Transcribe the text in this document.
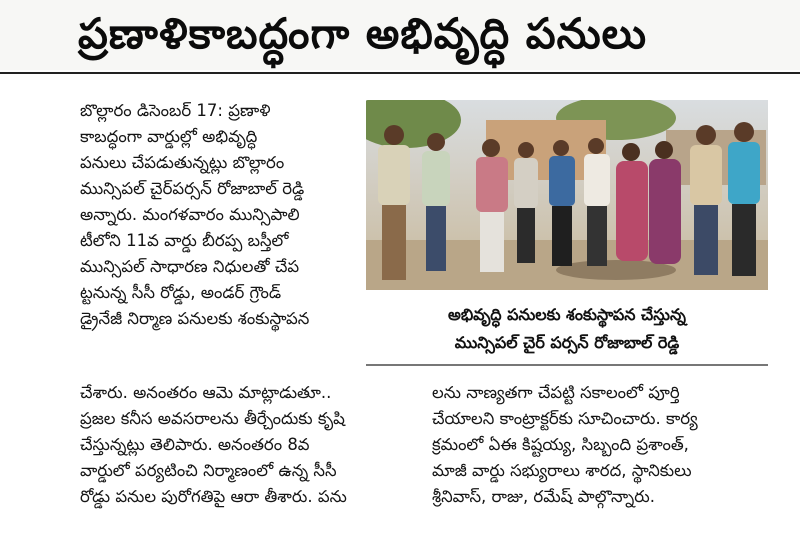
ప్రణాళికాబద్ధంగా అభివృద్ధి పనులు
బొల్లారం డిసెంబర్ 17: ప్రణాళి
కాబద్ధంగా వార్డుల్లో అభివృద్ధి
పనులు చేపడుతున్నట్లు బొల్లారం
మున్సిపల్ చైర్‌పర్సన్ రోజాబాల్ రెడ్డి
అన్నారు. మంగళవారం మున్సిపాలి
టీలోని 11వ వార్డు బీరప్ప బస్తీలో
మున్సిపల్ సాధారణ నిధులతో చేప
ట్టనున్న సీసీ రోడ్డు, అండర్ గ్రౌండ్
డ్రైనేజీ నిర్మాణ పనులకు శంకుస్థాపన	అభివృద్ధి పనులకు శంకుస్థాపన చేస్తున్న
మున్సిపల్ చైర్ పర్సన్ రోజాబాల్ రెడ్డి
చేశారు. అనంతరం ఆమె మాట్లాడుతూ..
ప్రజల కనీస అవసరాలను తీర్చేందుకు కృషి
చేస్తున్నట్లు తెలిపారు. అనంతరం 8వ
వార్డులో పర్యటించి నిర్మాణంలో ఉన్న సీసీ
రోడ్డు పనుల పురోగతిపై ఆరా తీశారు. పను
లను నాణ్యతగా చేపట్టి సకాలంలో పూర్తి
చేయాలని కాంట్రాక్టర్‌కు సూచించారు. కార్య
క్రమంలో ఏఈ కిష్టయ్య, సిబ్బంది ప్రశాంత్,
మాజీ వార్డు సభ్యురాలు శారద, స్థానికులు
శ్రీనివాస్, రాజు, రమేష్ పాల్గొన్నారు.
